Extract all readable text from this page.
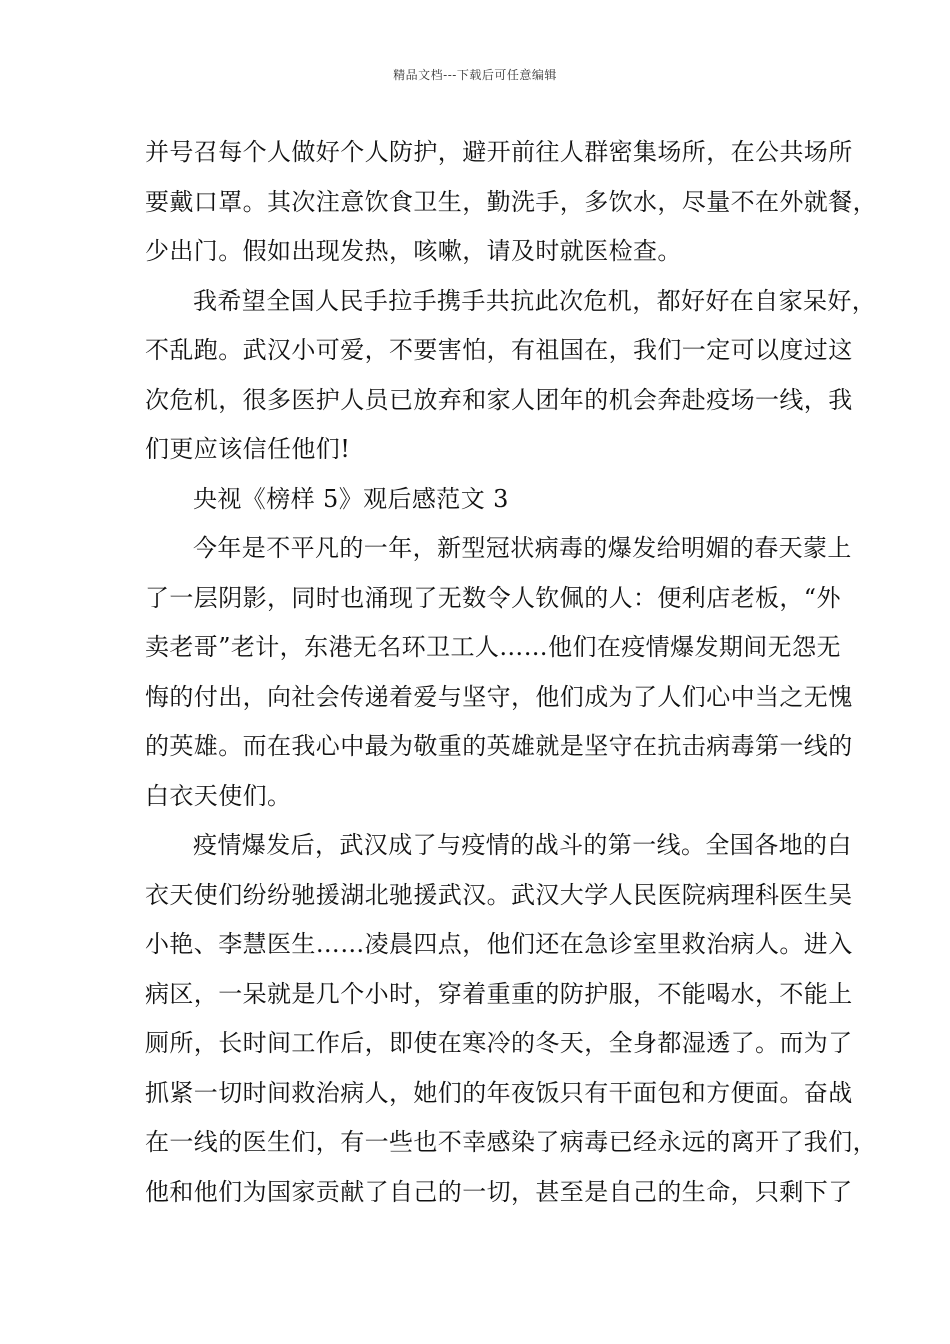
精品文档---下载后可任意编辑
并号召每个人做好个人防护，避开前往人群密集场所，在公共场所
要戴口罩。其次注意饮食卫生，勤洗手，多饮水，尽量不在外就餐，
少出门。假如出现发热，咳嗽，请及时就医检查。
我希望全国人民手拉手携手共抗此次危机，都好好在自家呆好，
不乱跑。武汉小可爱，不要害怕，有祖国在，我们一定可以度过这
次危机，很多医护人员已放弃和家人团年的机会奔赴疫场一线，我
们更应该信任他们!
央视《榜样 5》观后感范文 3
今年是不平凡的一年，新型冠状病毒的爆发给明媚的春天蒙上
了一层阴影，同时也涌现了无数令人钦佩的人：便利店老板，“外
卖老哥”老计，东港无名环卫工人……他们在疫情爆发期间无怨无
悔的付出，向社会传递着爱与坚守，他们成为了人们心中当之无愧
的英雄。而在我心中最为敬重的英雄就是坚守在抗击病毒第一线的
白衣天使们。
疫情爆发后，武汉成了与疫情的战斗的第一线。全国各地的白
衣天使们纷纷驰援湖北驰援武汉。武汉大学人民医院病理科医生吴
小艳、李慧医生……凌晨四点，他们还在急诊室里救治病人。进入
病区，一呆就是几个小时，穿着重重的防护服，不能喝水，不能上
厕所，长时间工作后，即使在寒冷的冬天，全身都湿透了。而为了
抓紧一切时间救治病人，她们的年夜饭只有干面包和方便面。奋战
在一线的医生们，有一些也不幸感染了病毒已经永远的离开了我们，
他和他们为国家贡献了自己的一切，甚至是自己的生命，只剩下了
